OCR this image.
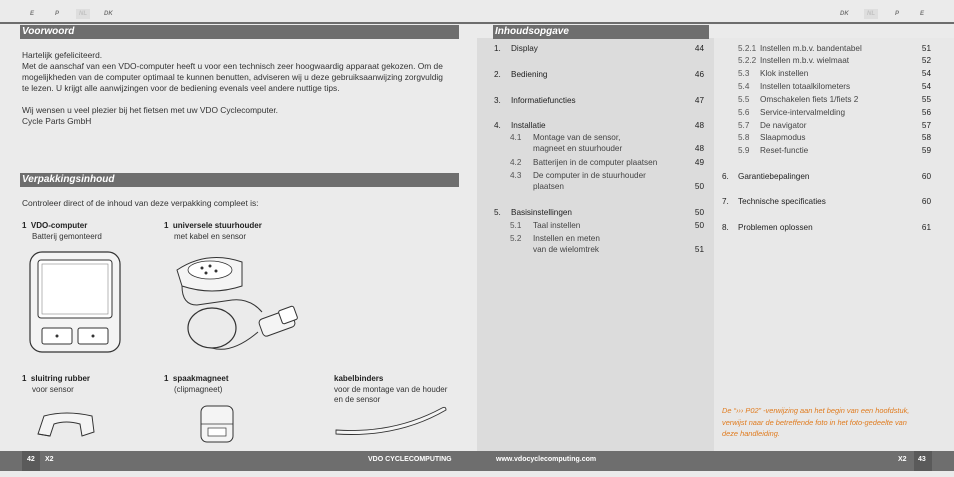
E	P	NL	DK
Voorwoord
Hartelijk gefeliciteerd.

Met de aanschaf van een VDO-computer heeft u voor een technisch zeer hoogwaardig apparaat gekozen. Om de mogelijkheden van de computer optimaal te kunnen benutten, adviseren wij u deze gebruiksaanwijzing zorgvuldig te lezen. U krijgt alle aanwijzingen voor de bediening evenals veel andere nuttige tips.

Wij wensen u veel plezier bij het fietsen met uw VDO Cyclecomputer.
Cycle Parts GmbH
Verpakkingsinhoud
Controleer direct of de inhoud van deze verpakking compleet is:
1 VDO-computer
Batterij gemonteerd
1 universele stuurhouder
met kabel en sensor
1 sluitring rubber
voor sensor
1 spaakmagneet
(clipmagneet)
kabelbinders
voor de montage van de houder en de sensor
42 X2	VDO CYCLECOMPUTING
DK	NL	P	E
Inhoudsopgave
1. Display	44
2. Bediening	46
3. Informatiefuncties	47
4. Installatie	48
4.1 Montage van de sensor,
magneet en stuurhouder	48
4.2 Batterijen in de computer plaatsen	49
4.3 De computer in de stuurhouder
plaatsen	50
5. Basisinstellingen	50
5.1 Taal instellen	50
5.2 Instellen en meten
van de wielomtrek	51
5.2.1 Instellen m.b.v. bandentabel	51
5.2.2 Instellen m.b.v. wielmaat	52
5.3 Klok instellen	54
5.4 Instellen totaalkilometers	54
5.5 Omschakelen fiets 1/fiets 2	55
5.6 Service-intervalmelding	56
5.7 De navigator	57
5.8 Slaapmodus	58
5.9 Reset-functie	59
6. Garantiebepalingen	60
7. Technische specificaties	60
8. Problemen oplossen	61
De “››› P02” -verwijzing aan het begin van een hoofdstuk, verwijst naar de betreffende foto in het foto-gedeelte van deze handleiding.
www.vdocyclecomputing.com	X2 43
